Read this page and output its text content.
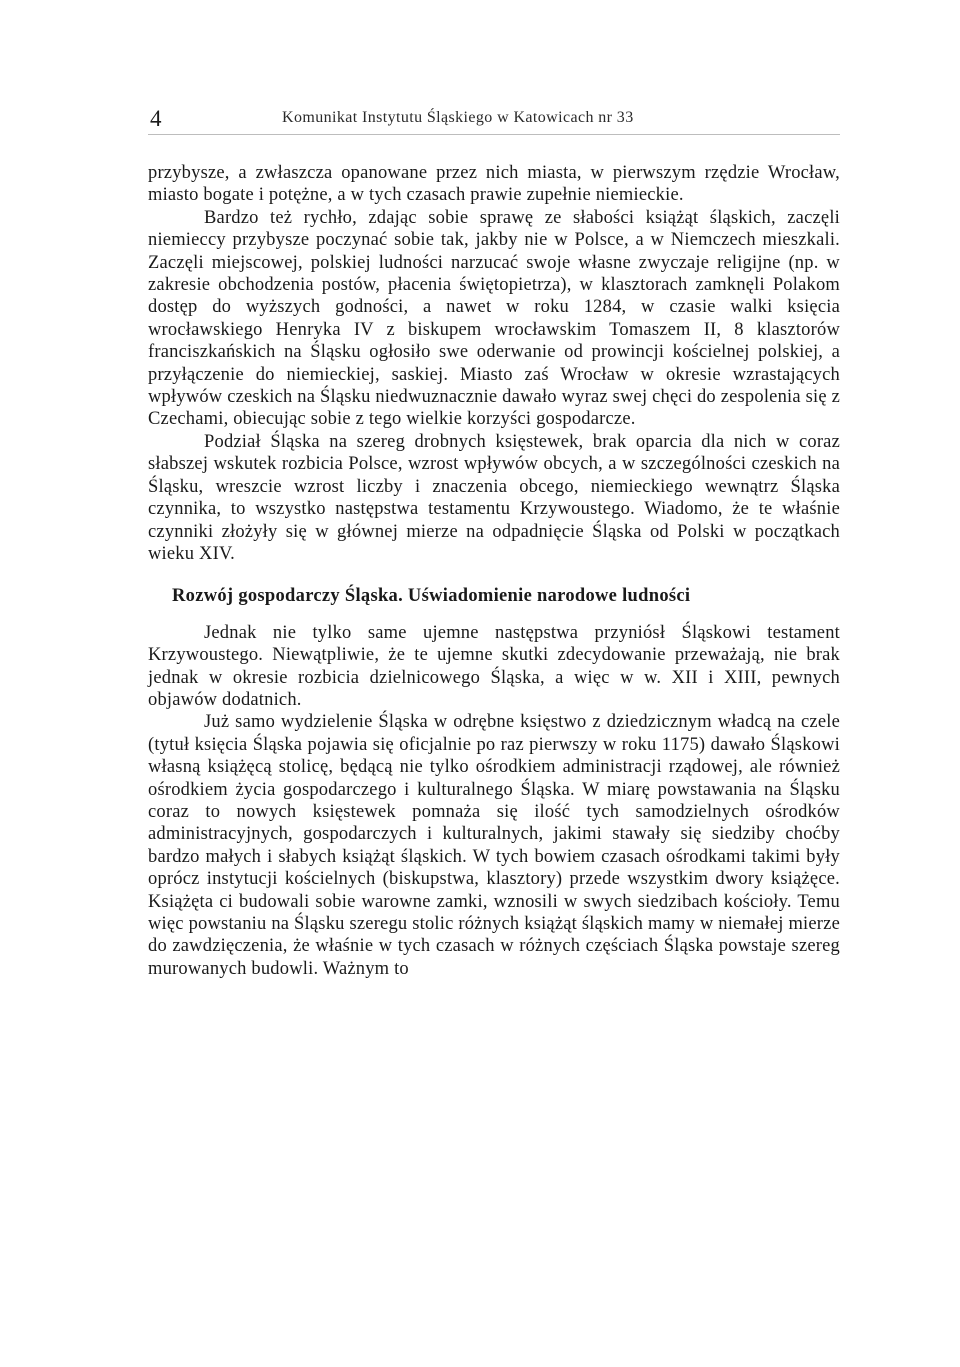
4	Komunikat Instytutu Śląskiego w Katowicach nr 33

przybysze, a zwłaszcza opanowane przez nich miasta, w pierwszym rzędzie Wrocław, miasto bogate i potężne, a w tych czasach prawie zupełnie niemieckie.

Bardzo też rychło, zdając sobie sprawę ze słabości książąt śląskich, zaczęli niemieccy przybysze poczynać sobie tak, jakby nie w Polsce, a w Niemczech mieszkali. Zaczęli miejscowej, polskiej ludności narzucać swoje własne zwyczaje religijne (np. w zakresie obchodzenia postów, płacenia świętopietrza), w klasztorach zamknęli Polakom dostęp do wyższych godności, a nawet w roku 1284, w czasie walki księcia wrocławskiego Henryka IV z biskupem wrocławskim Tomaszem II, 8 klasztorów franciszkańskich na Śląsku ogłosiło swe oderwanie od prowincji kościelnej polskiej, a przyłączenie do niemieckiej, saskiej. Miasto zaś Wrocław w okresie wzrastających wpływów czeskich na Śląsku niedwuznacznie dawało wyraz swej chęci do zespolenia się z Czechami, obiecując sobie z tego wielkie korzyści gospodarcze.

Podział Śląska na szereg drobnych księstewek, brak oparcia dla nich w coraz słabszej wskutek rozbicia Polsce, wzrost wpływów obcych, a w szczególności czeskich na Śląsku, wreszcie wzrost liczby i znaczenia obcego, niemieckiego wewnątrz Śląska czynnika, to wszystko następstwa testamentu Krzywoustego. Wiadomo, że te właśnie czynniki złożyły się w głównej mierze na odpadnięcie Śląska od Polski w początkach wieku XIV.

Rozwój gospodarczy Śląska. Uświadomienie narodowe ludności

Jednak nie tylko same ujemne następstwa przyniósł Śląskowi testament Krzywoustego. Niewątpliwie, że te ujemne skutki zdecydowanie przeważają, nie brak jednak w okresie rozbicia dzielnicowego Śląska, a więc w w. XII i XIII, pewnych objawów dodatnich.

Już samo wydzielenie Śląska w odrębne księstwo z dziedzicznym władcą na czele (tytuł księcia Śląska pojawia się oficjalnie po raz pierwszy w roku 1175) dawało Śląskowi własną książęcą stolicę, będącą nie tylko ośrodkiem administracji rządowej, ale również ośrodkiem życia gospodarczego i kulturalnego Śląska. W miarę powstawania na Śląsku coraz to nowych księstewek pomnaża się ilość tych samodzielnych ośrodków administracyjnych, gospodarczych i kulturalnych, jakimi stawały się siedziby choćby bardzo małych i słabych książąt śląskich. W tych bowiem czasach ośrodkami takimi były oprócz instytucji kościelnych (biskupstwa, klasztory) przede wszystkim dwory książęce. Książęta ci budowali sobie warowne zamki, wznosili w swych siedzibach kościoły. Temu więc powstaniu na Śląsku szeregu stolic różnych książąt śląskich mamy w niemałej mierze do zawdzięczenia, że właśnie w tych czasach w różnych częściach Śląska powstaje szereg murowanych budowli. Ważnym to
